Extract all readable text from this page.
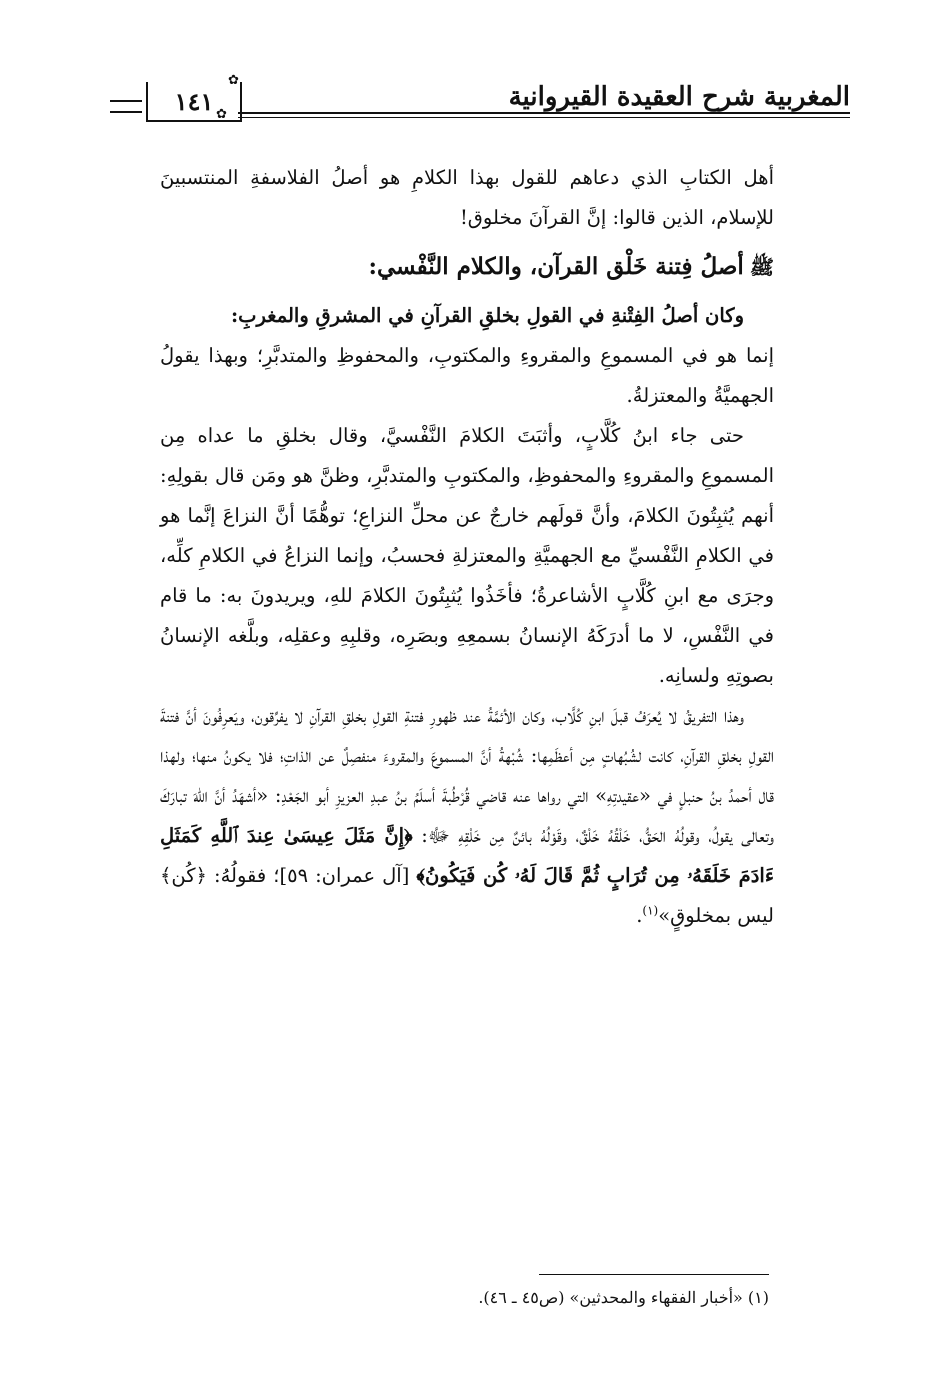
المغربية شرح العقيدة القيروانية
١٤١
✿
✿

أهل الكتابِ الذي دعاهم للقول بهذا الكلامِ هو أصلُ الفلاسفةِ المنتسبينَ للإسلام، الذين قالوا: إنَّ القرآنَ مخلوق!

ﷺأصلُ فِتنة خَلْق القرآن، والكلام النَّفْسي:

وكان أصلُ الفِتْنةِ في القولِ بخلقِ القرآنِ في المشرقِ والمغربِ:

إنما هو في المسموعِ والمقروءِ والمكتوبِ، والمحفوظِ والمتدبَّرِ؛ وبهذا يقولُ الجهميَّةُ والمعتزلةُ.

حتى جاء ابنُ كُلَّابٍ، وأثبَتَ الكلامَ النَّفْسيَّ، وقال بخلقِ ما عداه مِن المسموعِ والمقروءِ والمحفوظِ، والمكتوبِ والمتدبَّرِ، وظنَّ هو ومَن قال بقولِهِ: أنهم يُثبِتُونَ الكلامَ، وأنَّ قولَهم خارجٌ عن محلِّ النزاعِ؛ توهُّمًا أنَّ النزاعَ إنَّما هو في الكلامِ النَّفْسيِّ مع الجهميَّةِ والمعتزلةِ فحسبُ، وإنما النزاعُ في الكلامِ كلِّه، وجرَى مع ابنِ كُلَّابٍ الأشاعرةُ؛ فأخَذُوا يُثبِتُونَ الكلامَ للهِ، ويريدونَ به: ما قام في النَّفْسِ، لا ما أدرَكَهُ الإنسانُ بسمعِهِ وبصَرِه، وقلبِهِ وعقلِه، وبلَّغه الإنسانُ بصوتِهِ ولسانِه.

وهذا التفريقُ لا يُعرَفُ قبلَ ابنِ كُلَّاب، وكان الأئمَّةُ عند ظهورِ فتنةِ القولِ بخلقِ القرآنِ لا يفرِّقون، ويَعرِفُونَ أنَّ فتنةَ القولِ بخلقِ القرآنِ، كانت لشُبُهاتٍ مِن أعظَمِها: شُبْهةُ أنَّ المسموعَ والمقروءَ منفصِلٌ عن الذاتِ؛ فلا يكونُ منها؛ ولهذا قال أحمدُ بنُ حنبلٍ في «عقيدتِهِ» التي رواها عنه قاضي قُرْطُبةَ أسلَمُ بنُ عبدِ العزيزِ أبو الجَعْدِ: «أشهَدُ أنَّ اللهَ تبارَكَ وتعالى يقولُ، وقولُهُ الحَقُّ، خَلْقُهُ خَلْقٌ، وقَوْلُهُ بائنٌ مِن خَلْقِهِ ﷻ: ﴿إِنَّ مَثَلَ عِيسَىٰ عِندَ ٱللَّهِ كَمَثَلِ ءَادَمَ خَلَقَهُۥ مِن تُرَابٍ ثُمَّ قَالَ لَهُۥ كُن فَيَكُونُ﴾ [آل عمران: ٥٩]؛ فقولُهُ: ﴿كُن﴾ ليس بمخلوقٍ»$^{(١)}$.

(١) «أخبار الفقهاء والمحدثين» (ص٤٥ ـ ٤٦).
